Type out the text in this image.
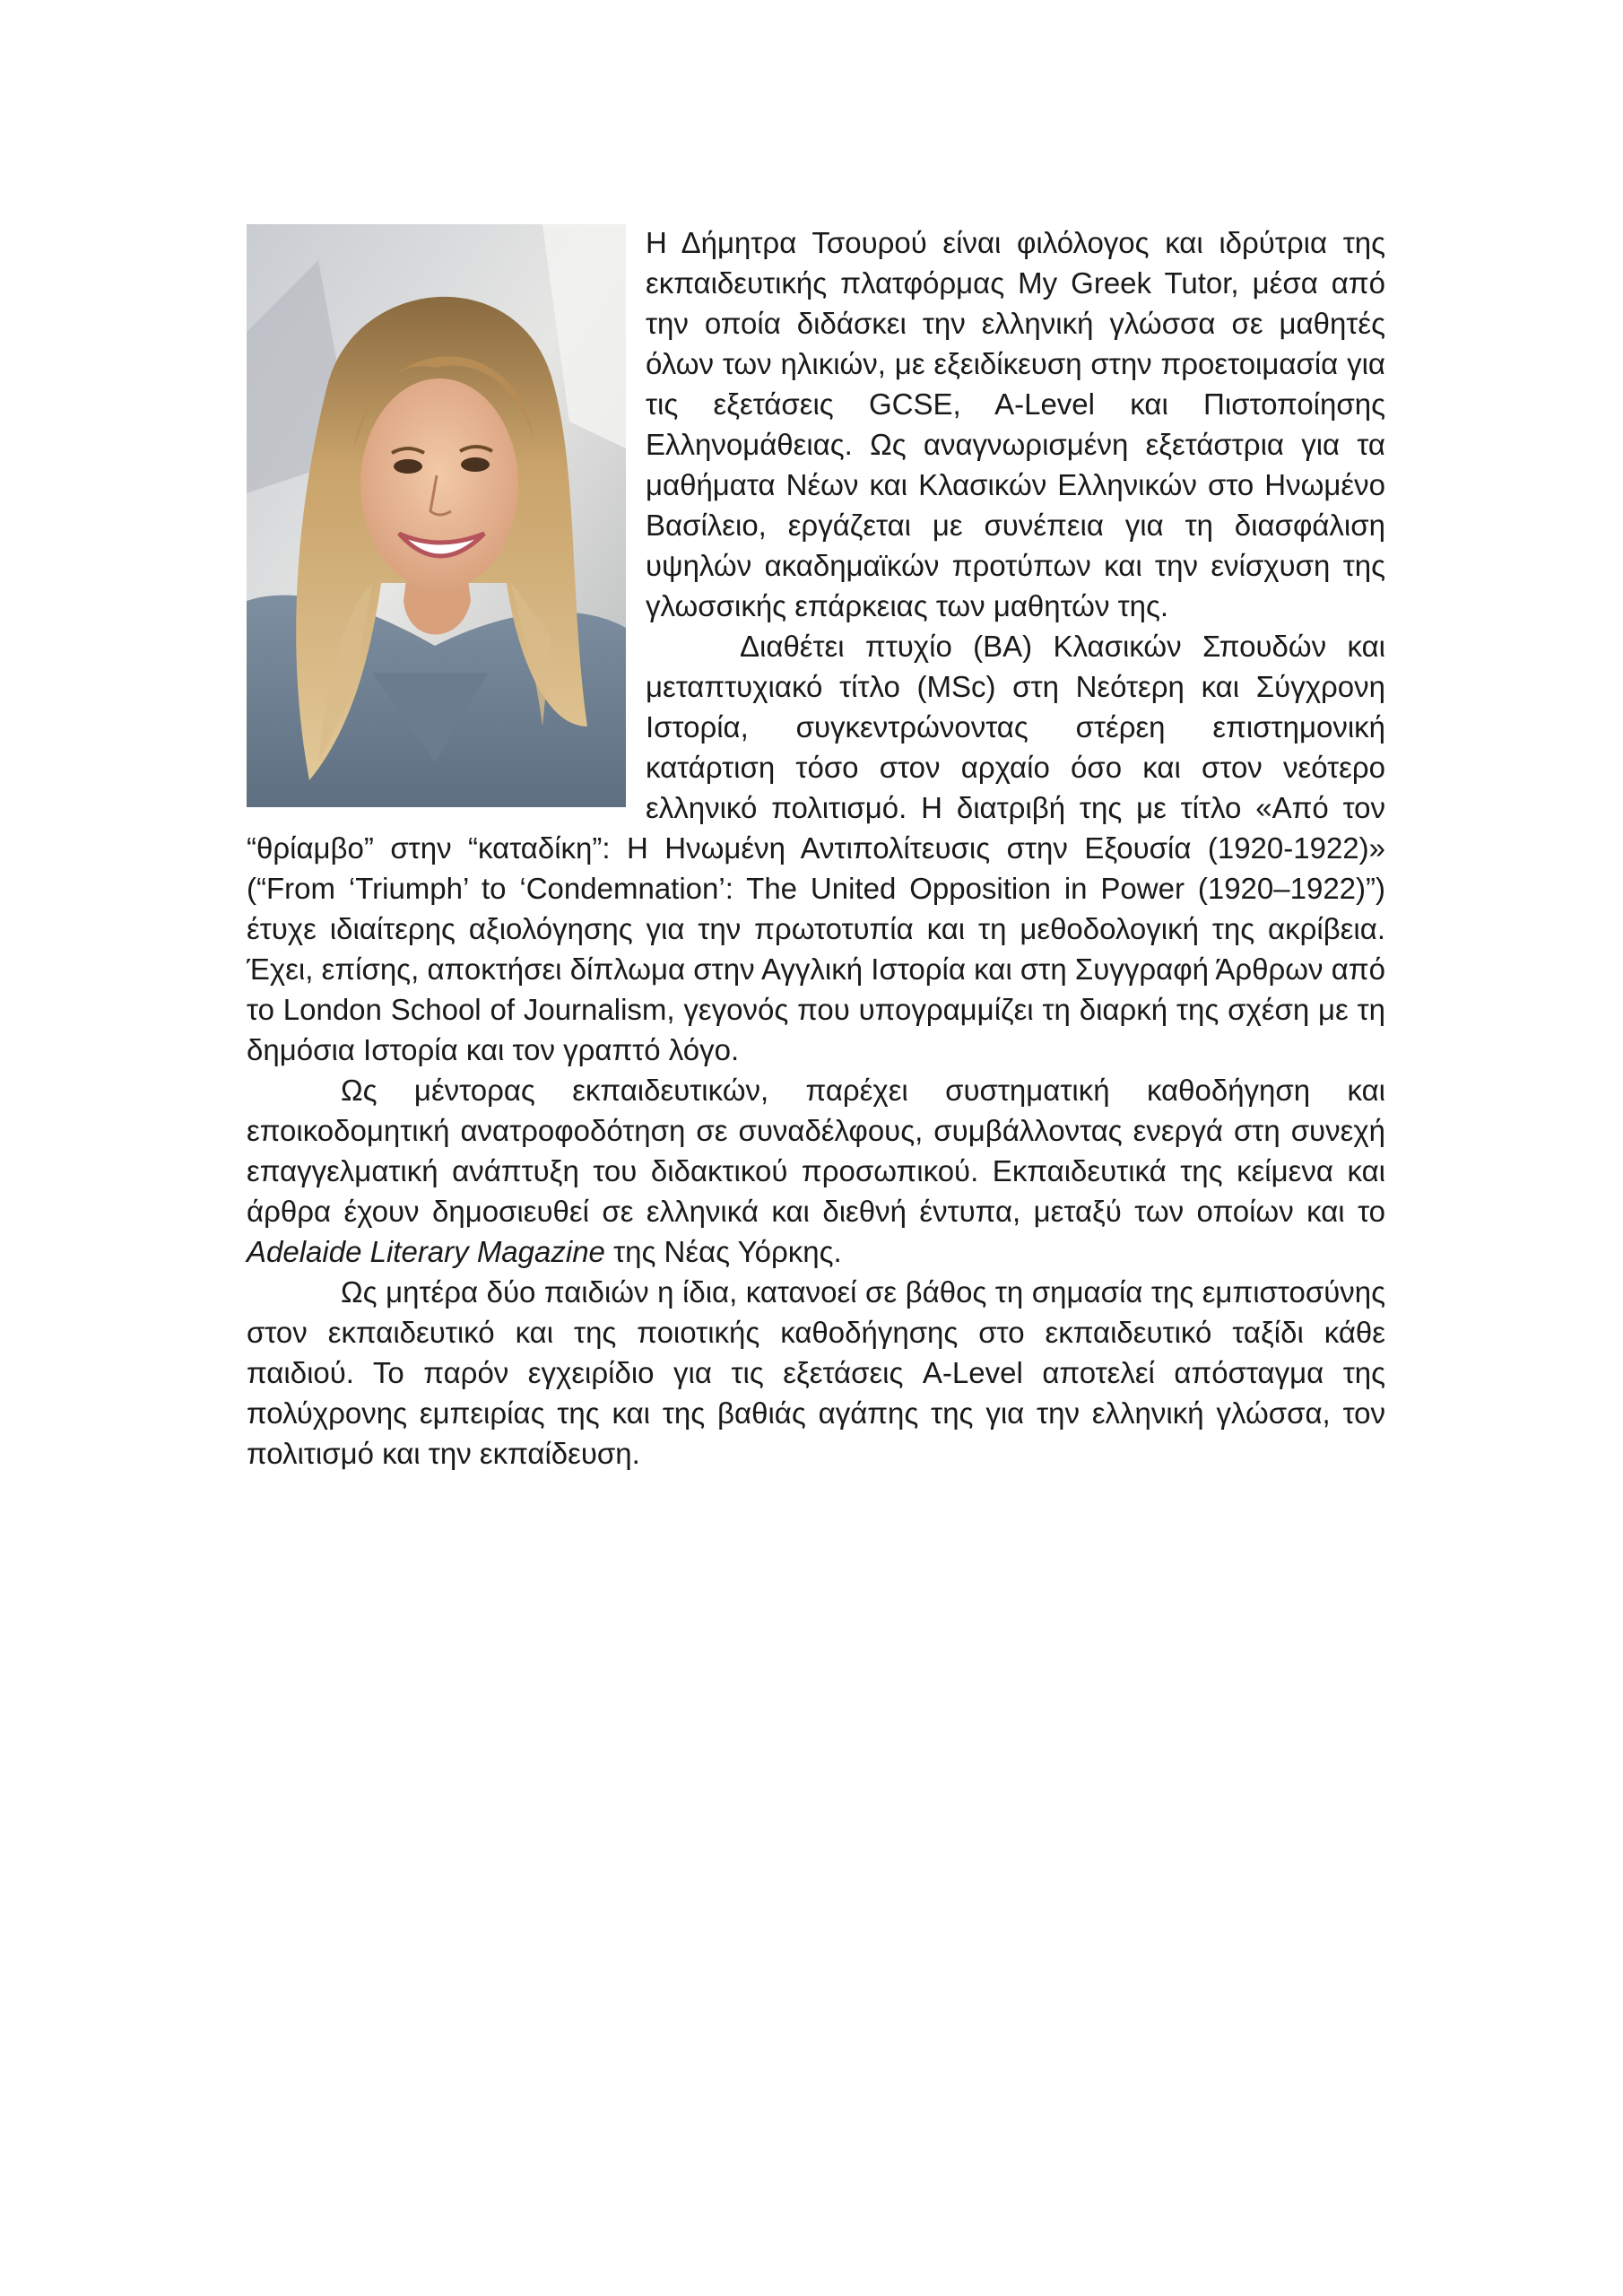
Η Δήμητρα Τσουρού είναι φιλόλογος και ιδρύτρια της εκπαιδευτικής πλατφόρμας My Greek Tutor, μέσα από την οποία διδάσκει την ελληνική γλώσσα σε μαθητές όλων των ηλικιών, με εξειδίκευση στην προετοιμασία για τις εξετάσεις GCSE, A-Level και Πιστοποίησης Ελληνομάθειας. Ως αναγνωρισμένη εξετάστρια για τα μαθήματα Νέων και Κλασικών Ελληνικών στο Ηνωμένο Βασίλειο, εργάζεται με συνέπεια για τη διασφάλιση υψηλών ακαδημαϊκών προτύπων και την ενίσχυση της γλωσσικής επάρκειας των μαθητών της.

Διαθέτει πτυχίο (BA) Κλασικών Σπουδών και μεταπτυχιακό τίτλο (MSc) στη Νεότερη και Σύγχρονη Ιστορία, συγκεντρώνοντας στέρεη επιστημονική κατάρτιση τόσο στον αρχαίο όσο και στον νεότερο ελληνικό πολιτισμό. Η διατριβή της με τίτλο «Από τον “θρίαμβο” στην “καταδίκη”: Η Ηνωμένη Αντιπολίτευσις στην Εξουσία (1920-1922)» (“From ‘Triumph’ to ‘Condemnation’: The United Opposition in Power (1920–1922)”) έτυχε ιδιαίτερης αξιολόγησης για την πρωτοτυπία και τη μεθοδολογική της ακρίβεια. Έχει, επίσης, αποκτήσει δίπλωμα στην Αγγλική Ιστορία και στη Συγγραφή Άρθρων από το London School of Journalism, γεγονός που υπογραμμίζει τη διαρκή της σχέση με τη δημόσια Ιστορία και τον γραπτό λόγο.

Ως μέντορας εκπαιδευτικών, παρέχει συστηματική καθοδήγηση και εποικοδομητική ανατροφοδότηση σε συναδέλφους, συμβάλλοντας ενεργά στη συνεχή επαγγελματική ανάπτυξη του διδακτικού προσωπικού. Εκπαιδευτικά της κείμενα και άρθρα έχουν δημοσιευθεί σε ελληνικά και διεθνή έντυπα, μεταξύ των οποίων και το Adelaide Literary Magazine της Νέας Υόρκης.

Ως μητέρα δύο παιδιών η ίδια, κατανοεί σε βάθος τη σημασία της εμπιστοσύνης στον εκπαιδευτικό και της ποιοτικής καθοδήγησης στο εκπαιδευτικό ταξίδι κάθε παιδιού. Το παρόν εγχειρίδιο για τις εξετάσεις A-Level αποτελεί απόσταγμα της πολύχρονης εμπειρίας της και της βαθιάς αγάπης της για την ελληνική γλώσσα, τον πολιτισμό και την εκπαίδευση.
